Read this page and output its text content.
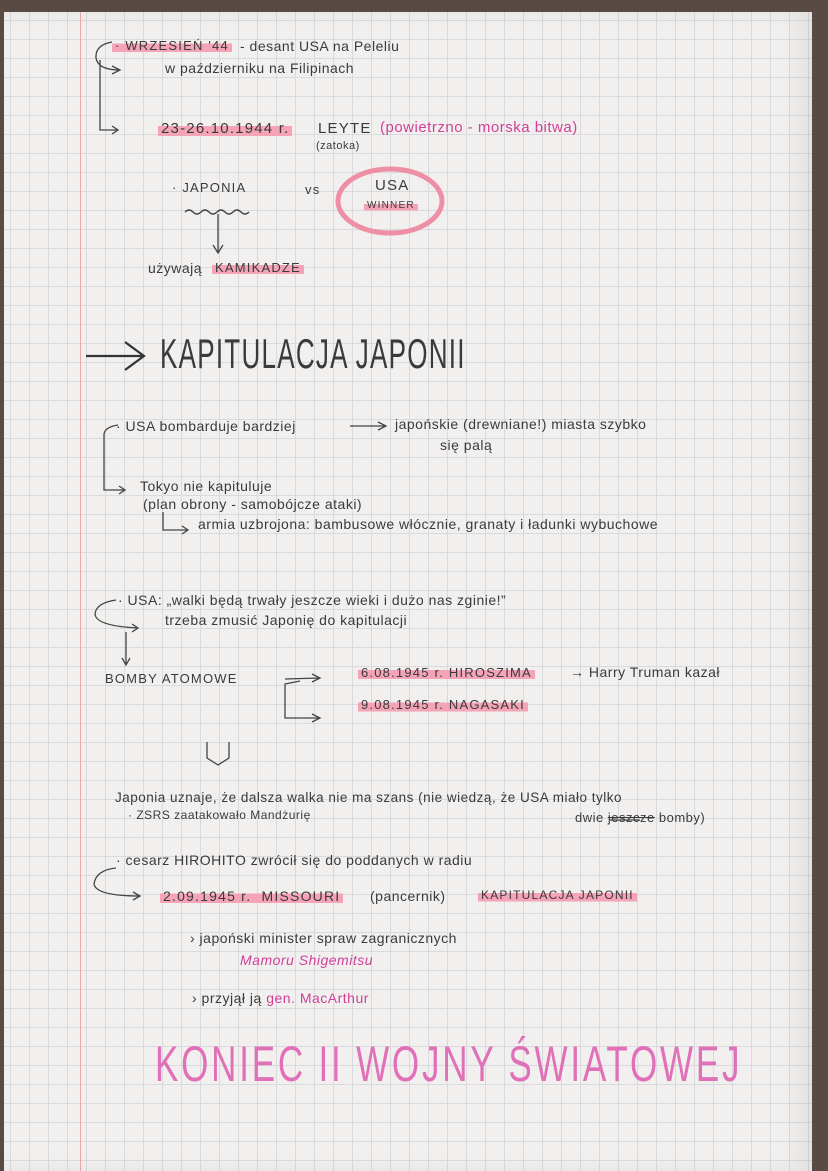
· WRZESIEŃ '44 - desant USA na Peleliu
w październiku na Filipinach
23-26.10.1944 r. LEYTE (powietrzno - morska bitwa)
(zatoka)
· JAPONIA	vs	USA
WINNER
używają KAMIKADZE
KAPITULACJA JAPONII
· USA bombarduje bardziej	japońskie (drewniane!) miasta szybko
się palą
Tokyo nie kapituluje
(plan obrony - samobójcze ataki)
armia uzbrojona: bambusowe włócznie, granaty i ładunki wybuchowe
· USA: „walki będą trwały jeszcze wieki i dużo nas zginie!”
trzeba zmusić Japonię do kapitulacji
BOMBY ATOMOWE	6.08.1945 r. HIROSZIMA	→ Harry Truman kazał
9.08.1945 r. NAGASAKI
Japonia uznaje, że dalsza walka nie ma szans (nie wiedzą, że USA miało tylko
dwie jeszcze bomby)
· ZSRS zaatakowało Mandżurię
· cesarz HIROHITO zwrócił się do poddanych w radiu
2.09.1945 r. MISSOURI (pancernik)	KAPITULACJA JAPONII
› japoński minister spraw zagranicznych
Mamoru Shigemitsu
› przyjął ją gen. MacArthur
KONIEC II WOJNY ŚWIATOWEJ
